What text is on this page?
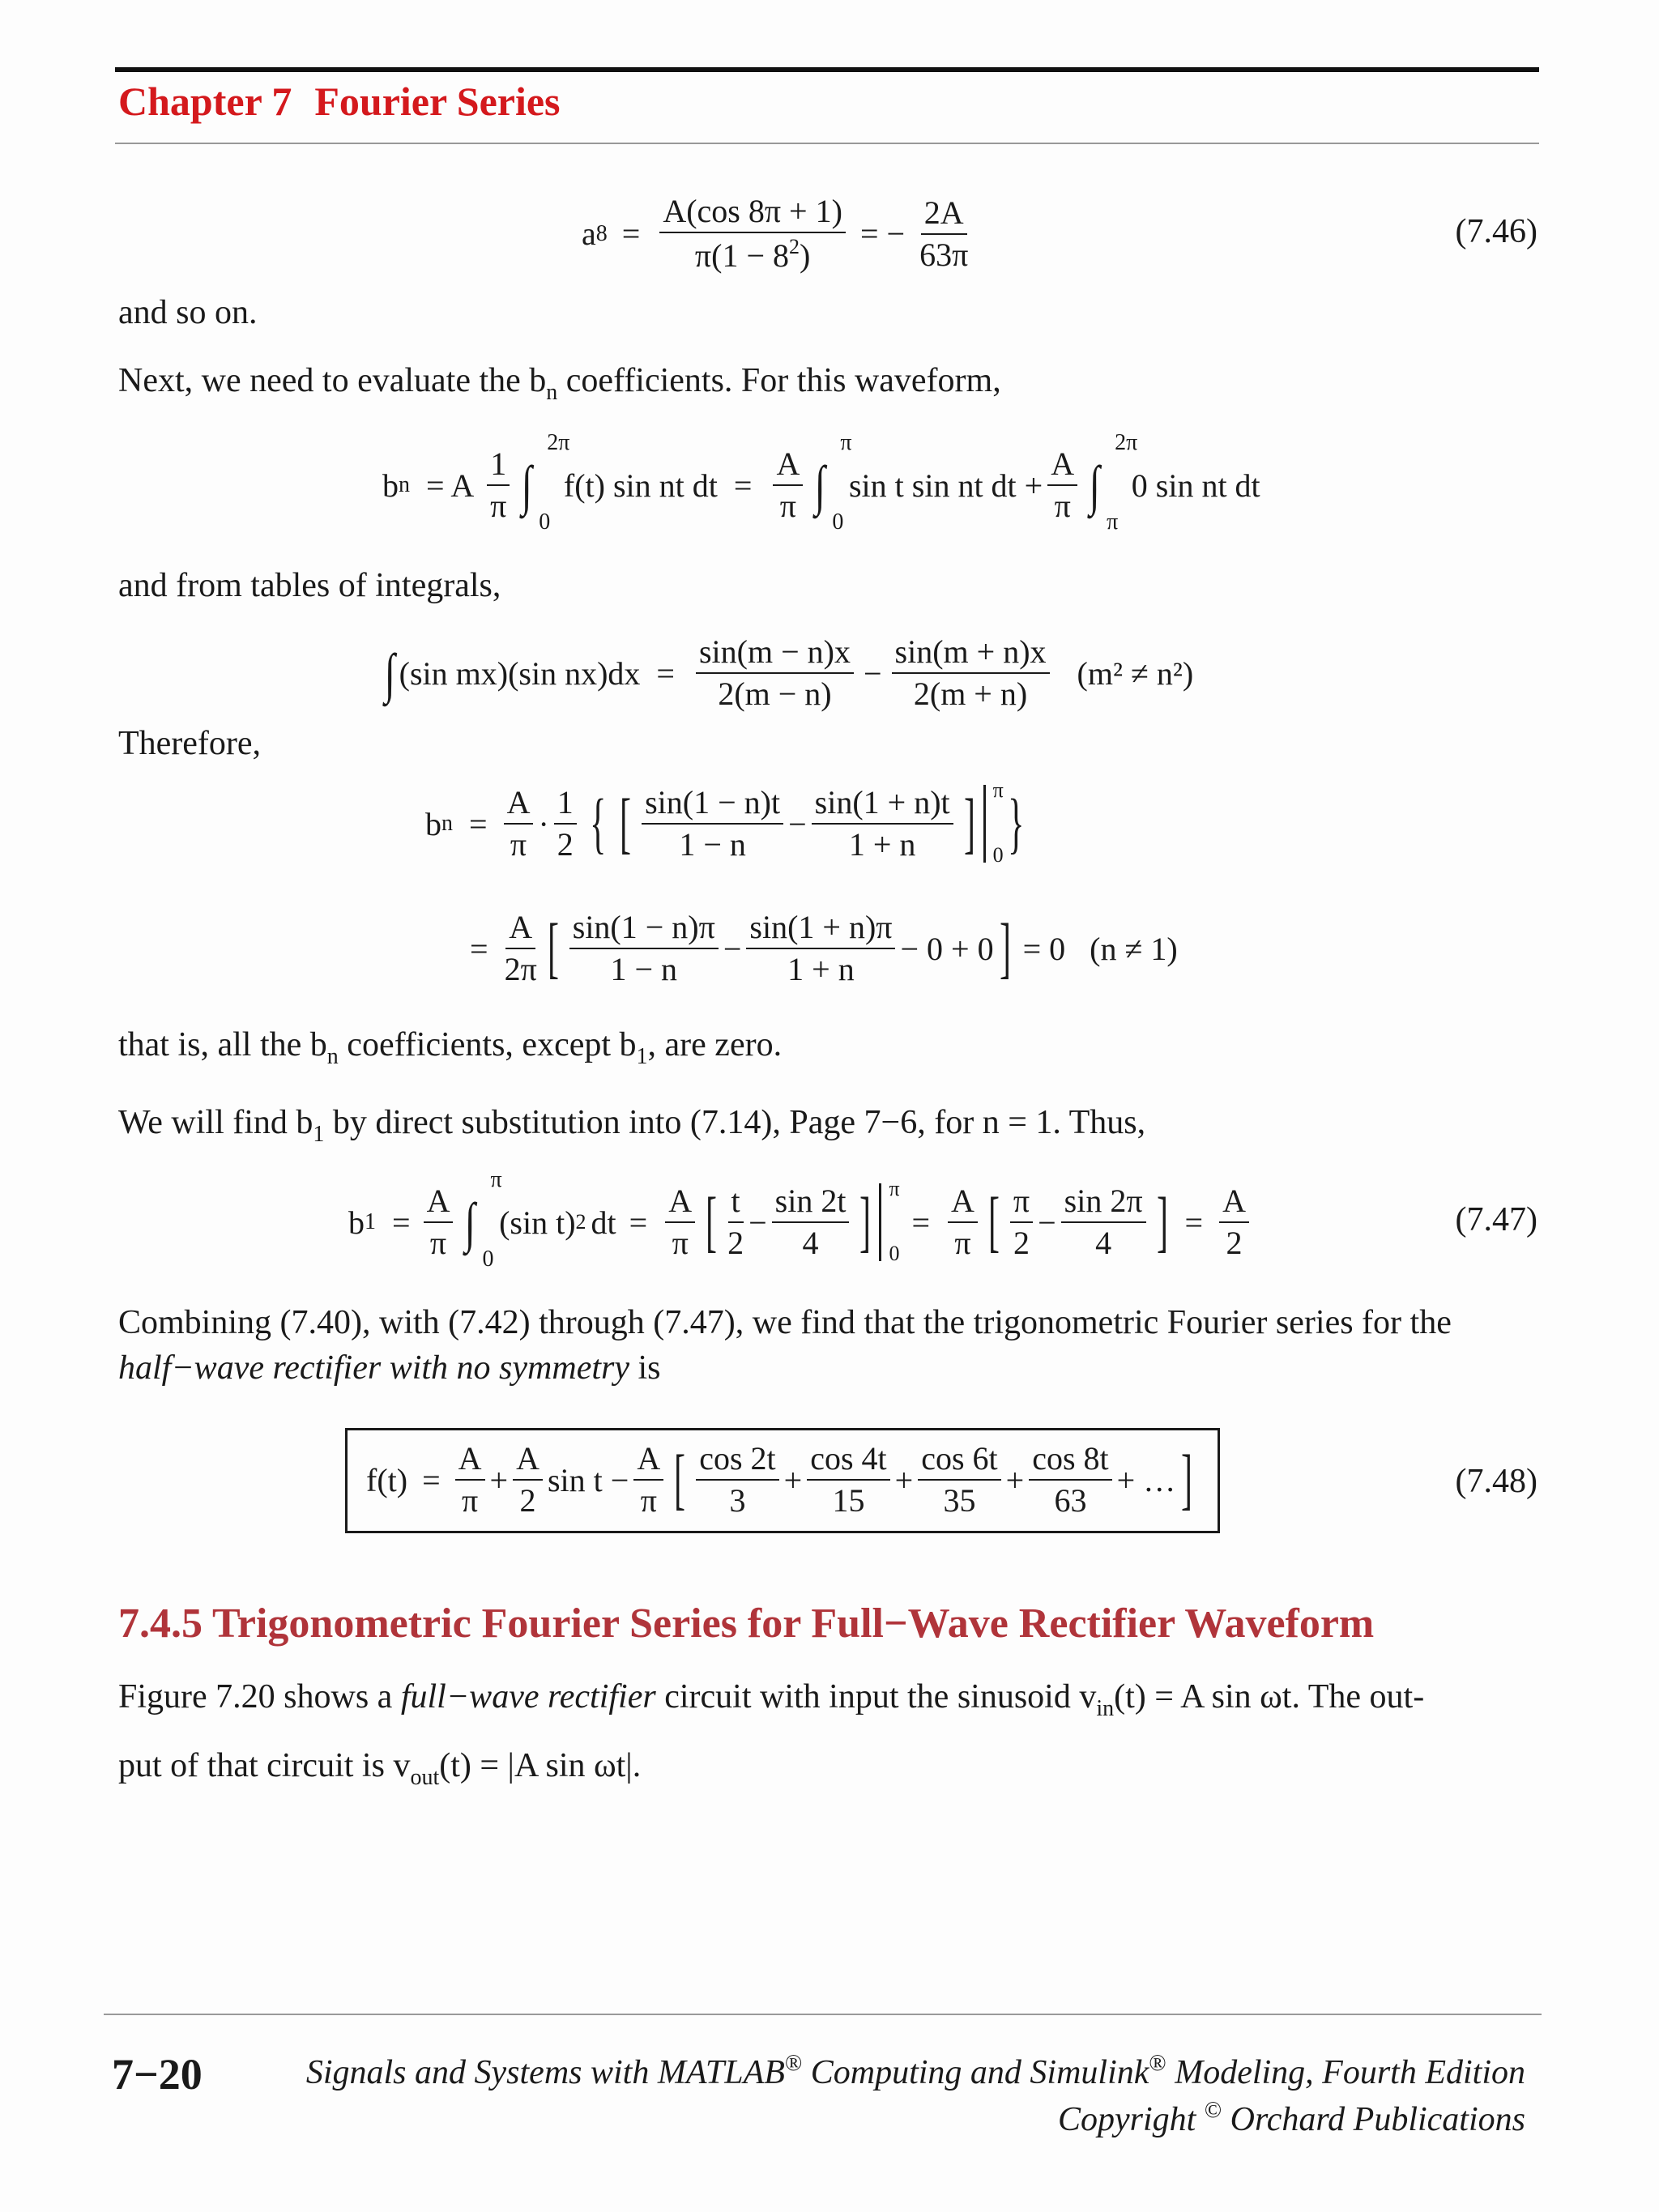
Chapter 7 Fourier Series
a $8 = \frac{A(\cos 8\pi + 1)}{\pi(1 - 8^2)}$ = − $\frac{2A}{63\pi}$	(7.46)
and so on.
Next, we need to evaluate the $b_n$ coefficients. For this waveform,
b n = A $\frac{1}{\pi}$ ∫
2π
0
f(t) sin nt dt = $\frac{A}{\pi}$ ∫
π
0
sin t sin nt dt + $\frac{A}{\pi}$ ∫
2π
π
0 sin nt dt
and from tables of integrals,
∫ (sin mx)(sin $nx)dx = \frac{\sin(m - n)x}{2(m - n)} - \frac{\sin(m + n)x}{2(m + n)} (m^2 \ne n^2)$
Therefore,
b $n = \frac{A}{\pi} \cdot \frac{1}{2}$ { [ $\frac{\sin(1 - n)t}{1 - n} - \frac{\sin(1 + n)t}{1 + n}$ ] π
0 }
= $\frac{A}{2\pi}$ [ $\frac{\sin(1 - n)\pi}{1 - n} - \frac{\sin(1 + n)\pi}{1 + n} - 0 + 0$ ] = 0 (n ≠ 1)
that is, all the $b_n$ coefficients, except $b_1$, are zero.
We will find $b_1$ by direct substitution into (7.14), Page 7−6, for n = 1. Thus,
b $1 = \frac{A}{\pi}$ ∫
π
0
(sin t) 2 dt = $\frac{A}{\pi}$ [ $\frac{t}{2} - \frac{\sin 2t}{4}$ ] π
0
= $\frac{A}{\pi}$ [ $\frac{\pi}{2} - \frac{\sin 2\pi}{4}$ ] = $\frac{A}{2}$	(7.47)
Combining (7.40), with (7.42) through (7.47), we find that the trigonometric Fourier series for the half−wave rectifier with no symmetry is
$f(t) = \frac{A}{\pi} + \frac{A}{2}$ $\sin t - \frac{A}{\pi}$ [ $\frac{\cos 2t}{3} + \frac{\cos 4t}{15} + \frac{\cos 6t}{35} + \frac{\cos 8t}{63}$ + … ]	(7.48)
7.4.5 Trigonometric Fourier Series for Full−Wave Rectifier Waveform
Figure 7.20 shows a full−wave rectifier circuit with input the sinusoid $v_{in}(t) = A$ sin ωt. The out-
put of that circuit is $v_{out}(t) = |A$ sin ωt|.
7−20	Signals and Systems with MATLAB® Computing and Simulink® Modeling, Fourth Edition
Copyright © Orchard Publications
